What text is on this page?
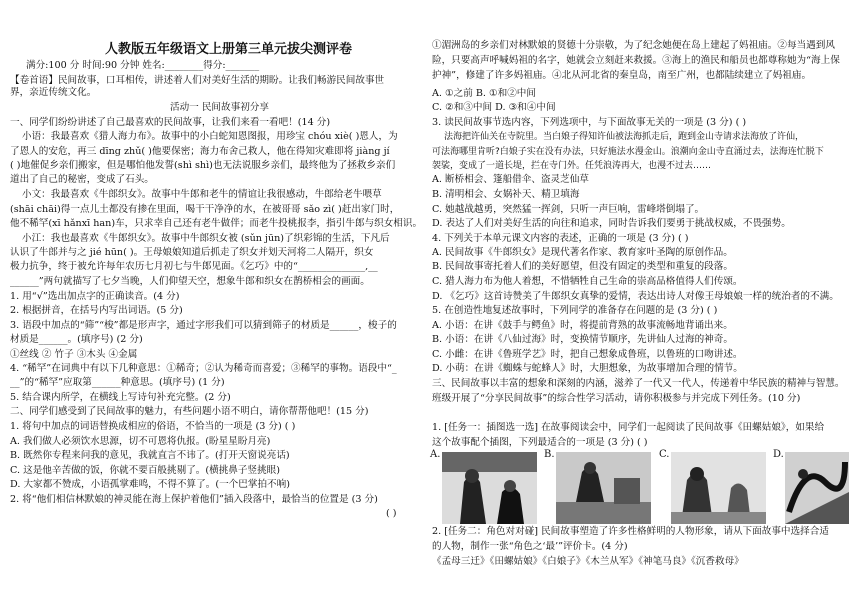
人教版五年级语文上册第三单元拔尖测评卷
满分:100 分 时间:90 分钟 姓名:________得分:_______
【卷首语】民间故事，口耳相传，讲述着人们对美好生活的期盼。让我们畅游民间故事世
界，亲近传统文化。
活动一 民间故事初分享
一、同学们纷纷讲述了自己最喜欢的民间故事，让我们来看一看吧！(14 分)
小语：我最喜欢《猎人海力布》。故事中的小白蛇知恩图报，用珍宝 chóu xiè( )恩人，为
了恩人的安危，再三 dīng zhǔ( )他要保密；海力布舍己救人，他在得知灾难即将 jiàng jí
( )地催促乡亲们搬家，但是哪怕他发誓(shì shì)也无法说服乡亲们，最终他为了拯救乡亲们
道出了自己的秘密，变成了石头。
小文：我最喜欢《牛郎织女》。故事中牛郎和老牛的情谊让我很感动，牛郎给老牛喂草
(shāi chāi)得一点儿土都没有掺在里面，喝干干净净的水，在被哥哥 sǎo zì( )赶出家门时，
他不稀罕(xī hǎnxī han)车，只求幸自己还有老牛做伴；而老牛投桃报李，指引牛郎与织女相识。
小江：我也最喜欢《牛郎织女》。故事中牛郎织女被 (sǔn jūn)了织彩锦的生活，下凡后
认识了牛郎并与之 jié hūn( )。王母娘娘知道后抓走了织女并划天河将二人隔开，织女
极力抗争，终于被允许每年农历七月初七与牛郎见面。《乞巧》中的“______________,__
______”两句就描写了七夕当晚，人们仰望天空，想象牛郎和织女在鹊桥相会的画面。
1. 用“√”选出加点字的正确读音。(4 分)
2. 根据拼音，在括号内写出词语。(5 分)
3. 语段中加点的“筛”“梭”都是形声字，通过字形我们可以猜到筛子的材质是______，梭子的
材质是______。(填序号) (2 分)
①丝线 ② 竹子 ③木头 ④金属
4. “稀罕”在词典中有以下几种意思：①稀奇；②认为稀奇而喜爱；③稀罕的事物。语段中“_
__”的“稀罕”应取第______种意思。(填序号) (1 分)
5. 结合课内所学，在横线上写诗句补充完整。(2 分)
二、同学们感受到了民间故事的魅力，有些问题小语不明白，请你帮帮他吧！(15 分)
1. 将句中加点的词语替换成相应的俗语，不恰当的一项是 (3 分) ( )
A. 我们做人必须饮水思源，切不可恩将仇报。(盼星星盼月亮)
B. 既然你专程来问我的意见，我就直言不讳了。(打开天窗说亮话)
C. 这是他辛苦做的饭，你就不要百般挑剔了。(横挑鼻子竖挑眼)
D. 大家都不赞成，小语孤掌难鸣，不得不算了。(一个巴掌拍不响)
2. 将“他们相信林默娘的神灵能在海上保护着他们”插入段落中，最恰当的位置是 (3 分)
( )
①湄洲岛的乡亲们对林默娘的贤德十分崇敬，为了纪念她便在岛上建起了妈祖庙。②每当遇到风
险，只要高声呼喊妈祖的名字，她就会立刻赶来救援。③海上的渔民和船员也都尊称她为“海上保
护神”，修建了许多妈祖庙。④北从河北省的秦皇岛，南至广州，也都陆续建立了妈祖庙。
A. ①之前 B. ①和②中间
C. ②和③中间 D. ③和④中间
3. 读民间故事节选内容，下列选项中，与下面故事无关的一项是 (3 分) ( )
法海把许仙关在寺院里。当白娘子得知许仙被法海抓走后，跑到金山寺请求法海放了许仙，
可法海哪里肯听?白娘子实在没有办法，只好施法水漫金山。浪潮向金山寺直涌过去，法海连忙脱下
袈裟，变成了一道长堤，拦在寺门外。任凭浪涛再大，也漫不过去……
A. 断桥相会、篷船借伞、盗灵芝仙草
B. 清明相会、女娲补天、精卫填海
C. 她越战越勇，突然猛一挥剑，只听一声巨响，雷峰塔倒塌了。
D. 表达了人们对美好生活的向往和追求，同时告诉我们要勇于挑战权威，不畏强势。
4. 下列关于本单元课文内容的表述，正确的一项是 (3 分) ( )
A. 民间故事《牛郎织女》是现代著名作家、教育家叶圣陶的原创作品。
B. 民间故事寄托着人们的美好愿望，但没有固定的类型和重复的段落。
C. 猎人海力布为他人着想，不惜牺牲自己生命的崇高品格值得人们传颂。
D. 《乞巧》这首诗赞美了牛郎织女真挚的爱情，表达出诗人对像王母娘娘一样的统治者的不满。
5. 在创造性地复述故事时，下列同学的准备存在问题的是 (3 分) ( )
A. 小语：在讲《鼓手与鳄鱼》时，将提前背熟的故事流畅地背诵出来。
B. 小语：在讲《八仙过海》时，变换情节顺序，先讲仙人过海的神奇。
C. 小雌：在讲《鲁班学艺》时，把自己想象成鲁班，以鲁班的口吻讲述。
D. 小萌：在讲《蜘蛛与蛇蜂人》时，大胆想象，为故事增加合理的情节。
三、民间故事以丰富的想象和深刻的内涵，滋养了一代又一代人，传递着中华民族的精神与智慧。
班级开展了“分享民间故事”的综合性学习活动，请你积极参与并完成下列任务。(10 分)
1. [任务一：插图选一选] 在故事阅读会中，同学们一起阅读了民间故事《田螺姑娘》，如果给
这个故事配个插图，下列最适合的一项是 (3 分) ( )
2. [任务二：角色对对碰] 民间故事塑造了许多性格鲜明的人物形象，请从下面故事中选择合适
的人物，制作一张“角色之‘最’”评价卡。(4 分)
《孟母三迁》《田螺姑娘》《白娘子》《木兰从军》《神笔马良》《沉香救母》
A.	B.	C.	D.
